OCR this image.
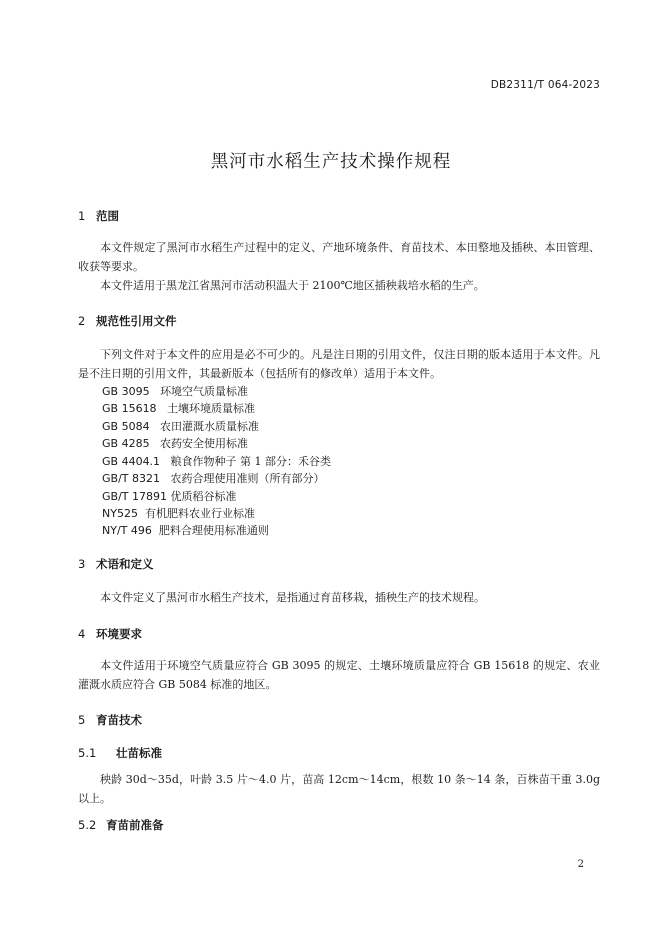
DB2311/T 064-2023
黑河市水稻生产技术操作规程
1 范围

本文件规定了黑河市水稻生产过程中的定义、产地环境条件、育苗技术、本田整地及插秧、本田管理、收获等要求。

本文件适用于黑龙江省黑河市活动积温大于 2100℃地区插秧栽培水稻的生产。

2 规范性引用文件

下列文件对于本文件的应用是必不可少的。凡是注日期的引用文件，仅注日期的版本适用于本文件。凡是不注日期的引用文件，其最新版本（包括所有的修改单）适用于本文件。

GB 3095 环境空气质量标准
GB 15618 土壤环境质量标准
GB 5084 农田灌溉水质量标准
GB 4285 农药安全使用标准
GB 4404.1 粮食作物种子 第 1 部分：禾谷类
GB/T 8321 农药合理使用准则（所有部分）
GB/T 17891 优质稻谷标准
NY525 有机肥料农业行业标准
NY/T 496 肥料合理使用标准通则
3 术语和定义

本文件定义了黑河市水稻生产技术，是指通过育苗移栽，插秧生产的技术规程。

4 环境要求

本文件适用于环境空气质量应符合 GB 3095 的规定、土壤环境质量应符合 GB 15618 的规定、农业灌溉水质应符合 GB 5084 标准的地区。

5 育苗技术
5.1 壮苗标准

秧龄 30d～35d，叶龄 3.5 片～4.0 片，苗高 12cm～14cm，根数 10 条～14 条，百株苗干重 3.0g 以上。

5.2 育苗前准备
2
